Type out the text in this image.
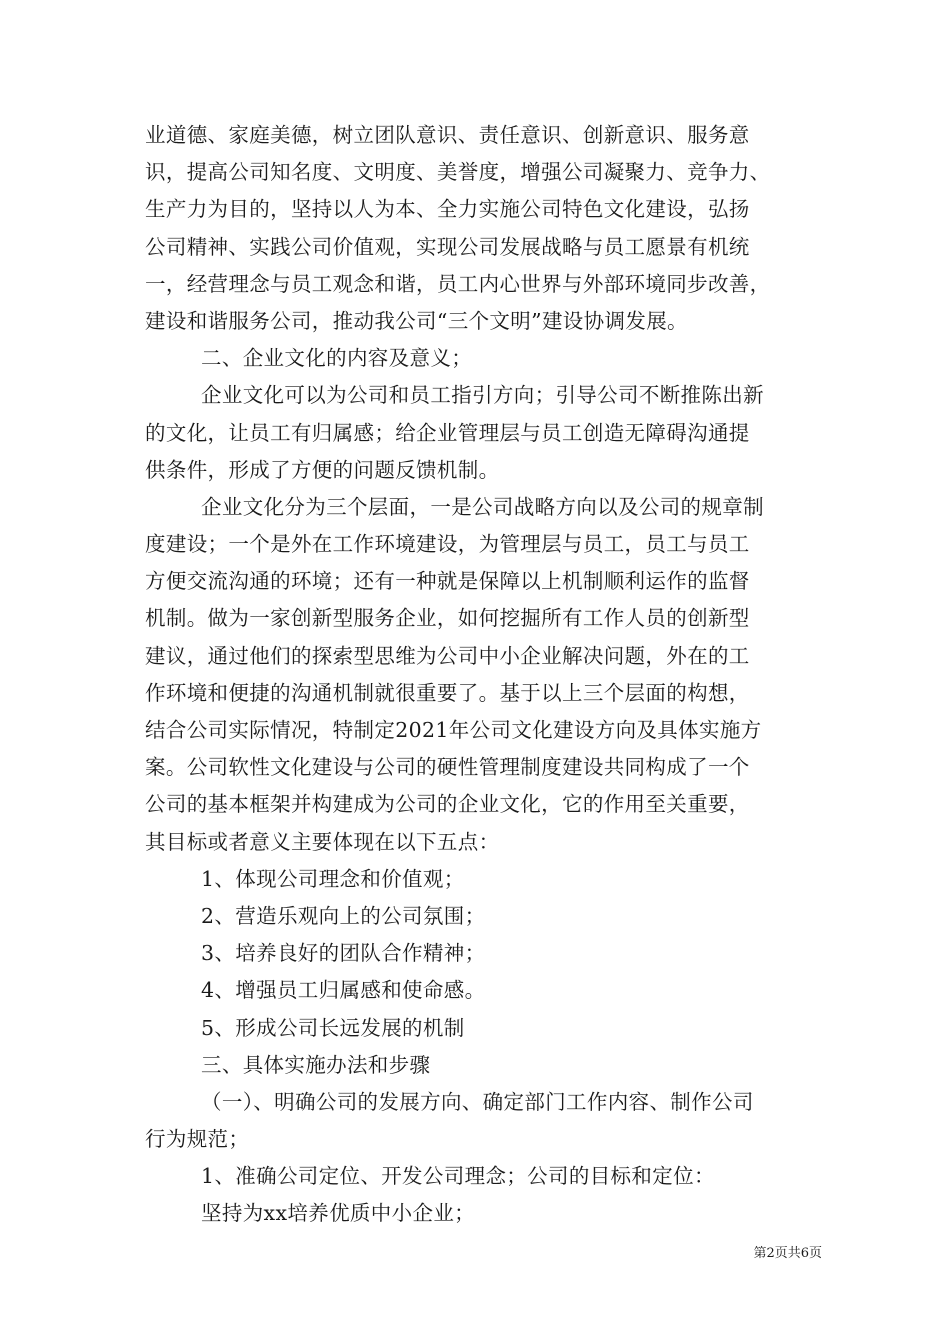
业道德、家庭美德，树立团队意识、责任意识、创新意识、服务意
识，提高公司知名度、文明度、美誉度，增强公司凝聚力、竞争力、
生产力为目的，坚持以人为本、全力实施公司特色文化建设，弘扬
公司精神、实践公司价值观，实现公司发展战略与员工愿景有机统
一，经营理念与员工观念和谐，员工内心世界与外部环境同步改善，
建设和谐服务公司，推动我公司“三个文明”建设协调发展。
二、企业文化的内容及意义；
企业文化可以为公司和员工指引方向；引导公司不断推陈出新
的文化，让员工有归属感；给企业管理层与员工创造无障碍沟通提
供条件，形成了方便的问题反馈机制。
企业文化分为三个层面，一是公司战略方向以及公司的规章制
度建设；一个是外在工作环境建设，为管理层与员工，员工与员工
方便交流沟通的环境；还有一种就是保障以上机制顺利运作的监督
机制。做为一家创新型服务企业，如何挖掘所有工作人员的创新型
建议，通过他们的探索型思维为公司中小企业解决问题，外在的工
作环境和便捷的沟通机制就很重要了。基于以上三个层面的构想，
结合公司实际情况，特制定2021年公司文化建设方向及具体实施方
案。公司软性文化建设与公司的硬性管理制度建设共同构成了一个
公司的基本框架并构建成为公司的企业文化，它的作用至关重要，
其目标或者意义主要体现在以下五点：
1、体现公司理念和价值观；
2、营造乐观向上的公司氛围；
3、培养良好的团队合作精神；
4、增强员工归属感和使命感。
5、形成公司长远发展的机制
三、具体实施办法和步骤
（一）、明确公司的发展方向、确定部门工作内容、制作公司
行为规范；
1、准确公司定位、开发公司理念；公司的目标和定位：
坚持为xx培养优质中小企业；
第2页共6页
